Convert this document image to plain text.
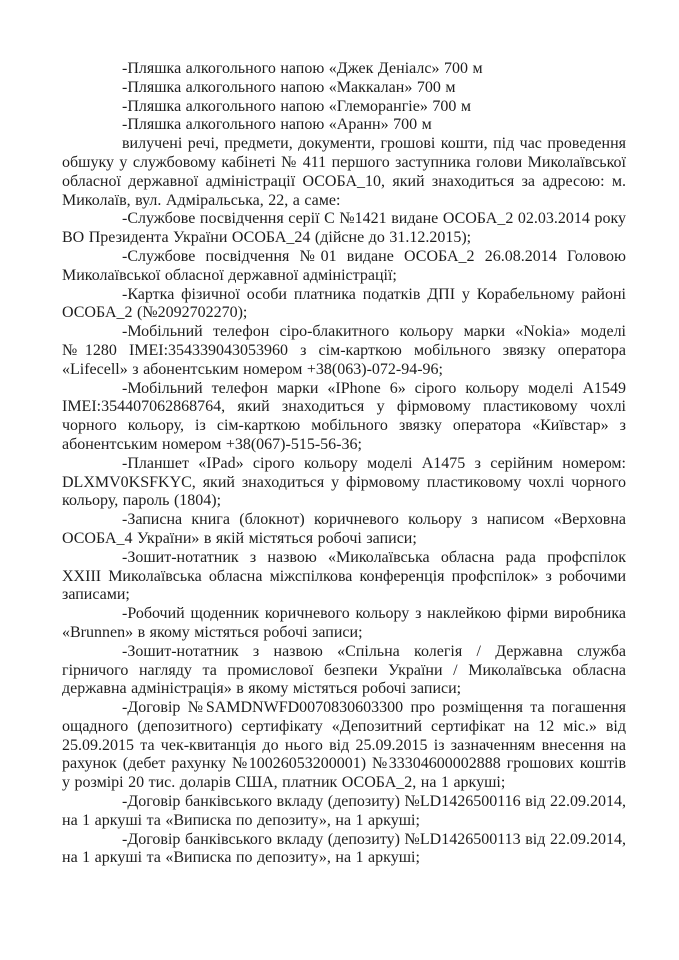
-Пляшка алкогольного напою «Джек Деніалс» 700 м

-Пляшка алкогольного напою «Маккалан» 700 м

-Пляшка алкогольного напою «Глеморангіе» 700 м

-Пляшка алкогольного напою «Аранн» 700 м

вилучені речі, предмети, документи, грошові кошти, під час проведення обшуку у службовому кабінеті № 411 першого заступника голови Миколаївської обласної державної адміністрації ОСОБА_10, який знаходиться за адресою: м. Миколаїв, вул. Адміральська, 22, а саме:

-Службове посвідчення серії С №1421 видане ОСОБА_2 02.03.2014 року ВО Президента України ОСОБА_24 (дійсне до 31.12.2015);

-Службове посвідчення №01 видане ОСОБА_2 26.08.2014 Головою Миколаївської обласної державної адміністрації;

-Картка фізичної особи платника податків ДПІ у Корабельному районі ОСОБА_2 (№2092702270);

-Мобільний телефон сіро-блакитного кольору марки «Nokia» моделі №1280 IMEI:354339043053960 з сім-карткою мобільного звязку оператора «Lifecell» з абонентським номером +38(063)-072-94-96;

-Мобільний телефон марки «IPhone 6» сірого кольору моделі А1549 IMEI:354407062868764, який знаходиться у фірмовому пластиковому чохлі чорного кольору, із сім-карткою мобільного звязку оператора «Київстар» з абонентським номером +38(067)-515-56-36;

-Планшет «IPad» сірого кольору моделі А1475 з серійним номером: DLXMV0KSFKYC, який знаходиться у фірмовому пластиковому чохлі чорного кольору, пароль (1804);

-Записна книга (блокнот) коричневого кольору з написом «Верховна ОСОБА_4 України» в якій містяться робочі записи;

-Зошит-нотатник з назвою «Миколаївська обласна рада профспілок XXIII Миколаївська обласна міжспілкова конференція профспілок» з робочими записами;

-Робочий щоденник коричневого кольору з наклейкою фірми виробника «Brunnen» в якому містяться робочі записи;

-Зошит-нотатник з назвою «Спільна колегія / Державна служба гірничого нагляду та промислової безпеки України / Миколаївська обласна державна адміністрація» в якому містяться робочі записи;

-Договір №SAMDNWFD0070830603300 про розміщення та погашення ощадного (депозитного) сертифікату «Депозитний сертифікат на 12 міс.» від 25.09.2015 та чек-квитанція до нього від 25.09.2015 із зазначенням внесення на рахунок (дебет рахунку №10026053200001) №33304600002888 грошових коштів у розмірі 20 тис. доларів США, платник ОСОБА_2, на 1 аркуші;

-Договір банківського вкладу (депозиту) №LD1426500116 від 22.09.2014, на 1 аркуші та «Виписка по депозиту», на 1 аркуші;

-Договір банківського вкладу (депозиту) №LD1426500113 від 22.09.2014, на 1 аркуші та «Виписка по депозиту», на 1 аркуші;
